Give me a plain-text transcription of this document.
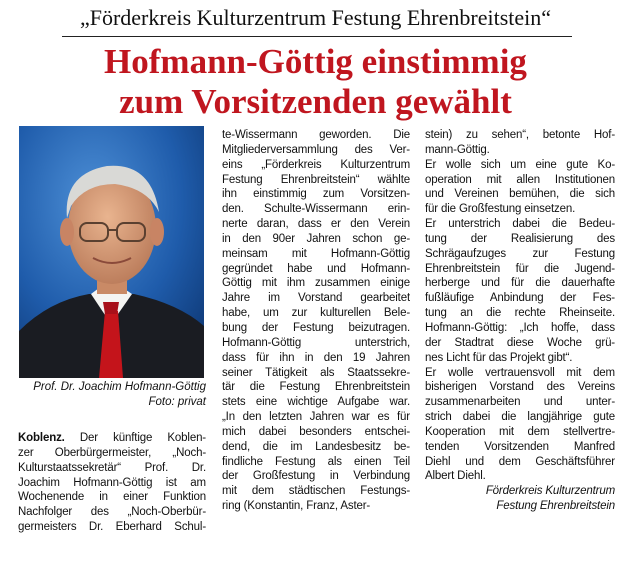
„Förderkreis Kulturzentrum Festung Ehrenbreitstein“
Hofmann-Göttig einstimmig
zum Vorsitzenden gewählt
Prof. Dr. Joachim Hofmann-Göttig
Foto: privat
Koblenz. Der künftige Koblen-
zer Oberbürgermeister, „Noch-
Kulturstaatssekretär“ Prof. Dr.
Joachim Hofmann-Göttig ist am
Wochenende in einer Funktion
Nachfolger des „Noch-Oberbür-
germeisters Dr. Eberhard Schul-
te-Wissermann geworden. Die
Mitgliederversammlung des Ver-
eins „Förderkreis Kulturzentrum
Festung Ehrenbreitstein“ wählte
ihn einstimmig zum Vorsitzen-
den. Schulte-Wissermann erin-
nerte daran, dass er den Verein
in den 90er Jahren schon ge-
meinsam mit Hofmann-Göttig
gegründet habe und Hofmann-
Göttig mit ihm zusammen einige
Jahre im Vorstand gearbeitet
habe, um zur kulturellen Bele-
bung der Festung beizutragen.
Hofmann-Göttig unterstrich,
dass für ihn in den 19 Jahren
seiner Tätigkeit als Staatssekre-
tär die Festung Ehrenbreitstein
stets eine wichtige Aufgabe war.
„In den letzten Jahren war es für
mich dabei besonders entschei-
dend, die im Landesbesitz be-
findliche Festung als einen Teil
der Großfestung in Verbindung
mit dem städtischen Festungs-
ring (Konstantin, Franz, Aster-
stein) zu sehen“, betonte Hof-
mann-Göttig.
Er wolle sich um eine gute Ko-
operation mit allen Institutionen
und Vereinen bemühen, die sich
für die Großfestung einsetzen.
Er unterstrich dabei die Bedeu-
tung der Realisierung des
Schrägaufzuges zur Festung
Ehrenbreitstein für die Jugend-
herberge und für die dauerhafte
fußläufige Anbindung der Fes-
tung an die rechte Rheinseite.
Hofmann-Göttig: „Ich hoffe, dass
der Stadtrat diese Woche grü-
nes Licht für das Projekt gibt“.
Er wolle vertrauensvoll mit dem
bisherigen Vorstand des Vereins
zusammenarbeiten und unter-
strich dabei die langjährige gute
Kooperation mit dem stellvertre-
tenden Vorsitzenden Manfred
Diehl und dem Geschäftsführer
Albert Diehl.
Förderkreis Kulturzentrum
Festung Ehrenbreitstein
